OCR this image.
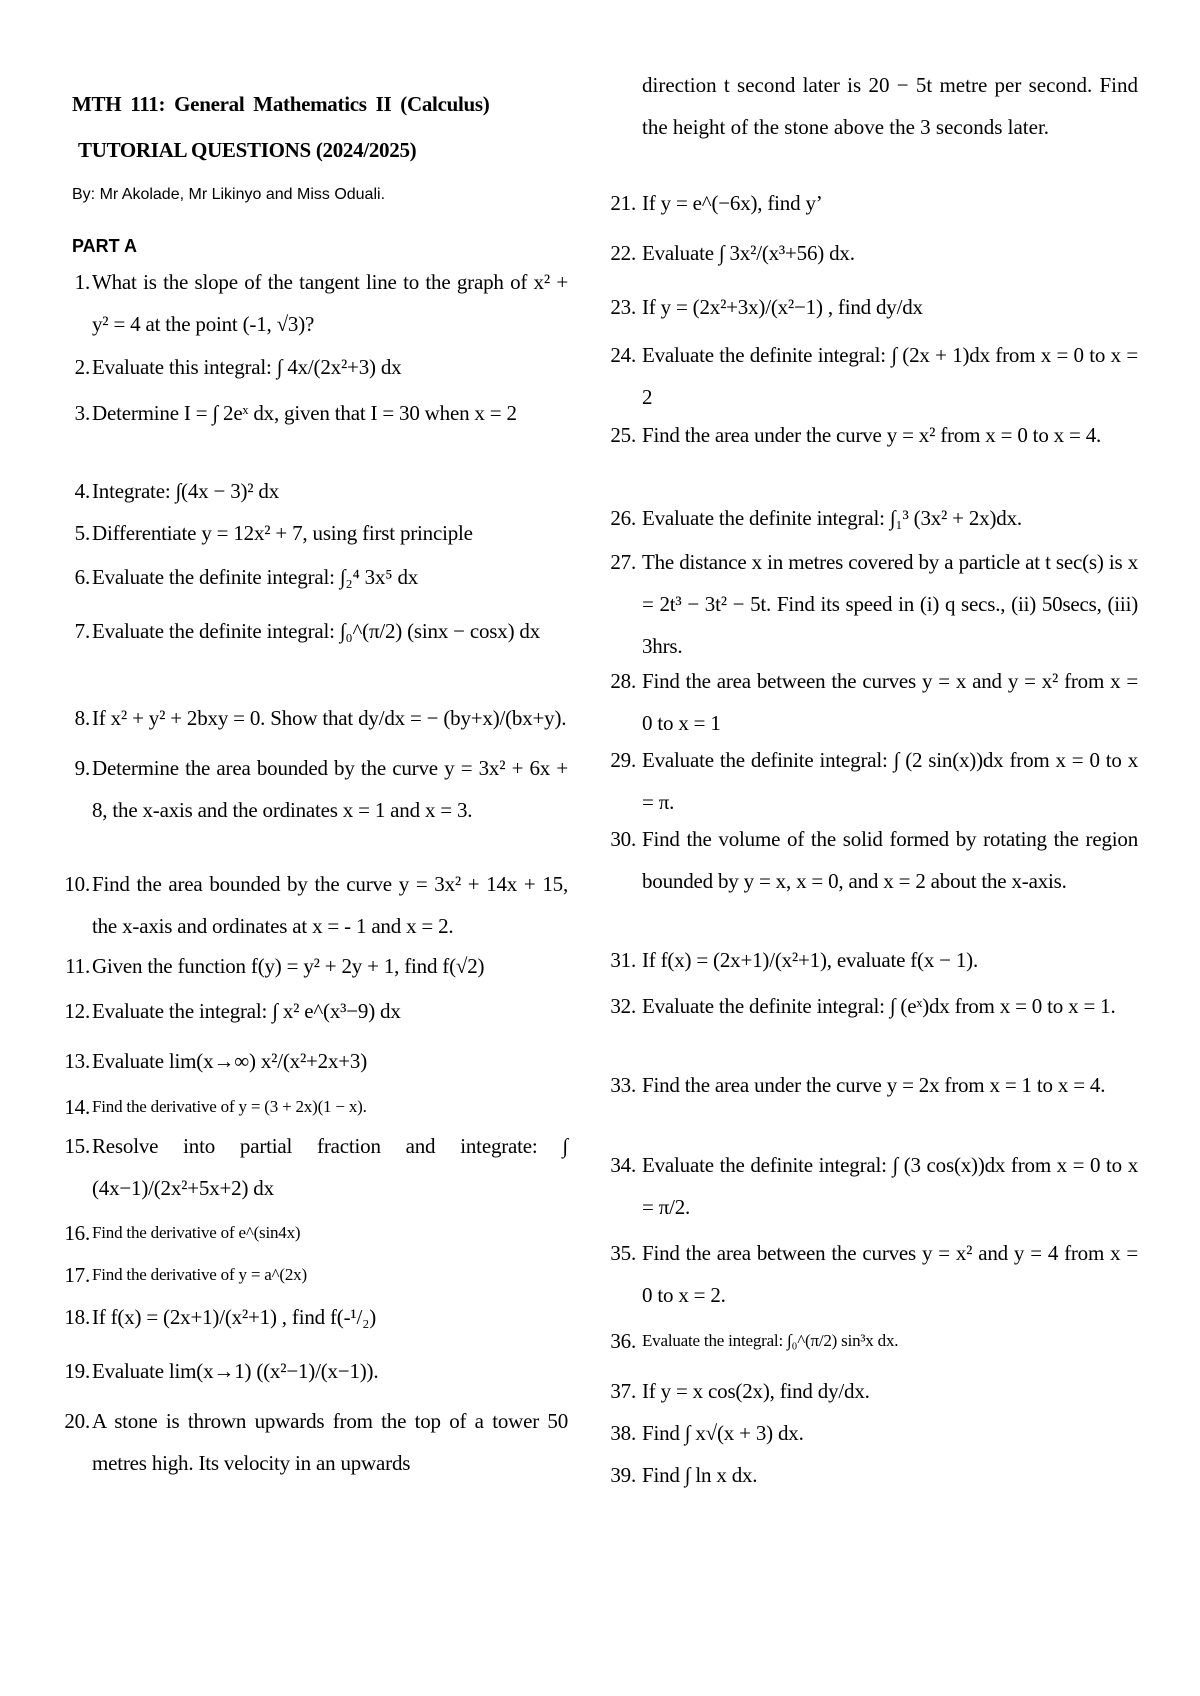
MTH 111: General Mathematics II (Calculus)
TUTORIAL QUESTIONS (2024/2025)
By: Mr Akolade, Mr Likinyo and Miss Oduali.
PART A
1. What is the slope of the tangent line to the graph of x² + y² = 4 at the point (-1, √3)?
2. Evaluate this integral: ∫ 4x/(2x²+3) dx
3. Determine I = ∫ 2eˣ dx, given that I = 30 when x = 2
4. Integrate: ∫(4x − 3)² dx
5. Differentiate y = 12x² + 7, using first principle
6. Evaluate the definite integral: ∫₂⁴ 3x⁵ dx
7. Evaluate the definite integral: ∫₀^(π/2) (sinx − cosx) dx
8. If x² + y² + 2bxy = 0. Show that dy/dx = − (by+x)/(bx+y).
9. Determine the area bounded by the curve y = 3x² + 6x + 8, the x-axis and the ordinates x = 1 and x = 3.
10. Find the area bounded by the curve y = 3x² + 14x + 15, the x-axis and ordinates at x = - 1 and x = 2.
11. Given the function f(y) = y² + 2y + 1, find f(√2)
12. Evaluate the integral: ∫ x² e^(x³−9) dx
13. Evaluate lim(x→∞) x²/(x²+2x+3)
14. Find the derivative of y = (3 + 2x)(1 − x).
15. Resolve into partial fraction and integrate: ∫ (4x−1)/(2x²+5x+2) dx
16. Find the derivative of e^(sin4x)
17. Find the derivative of y = a^(2x)
18. If f(x) = (2x+1)/(x²+1) , find f(-¹/₂)
19. Evaluate lim(x→1) ((x²−1)/(x−1)).
20. A stone is thrown upwards from the top of a tower 50 metres high. Its velocity in an upwards
direction t second later is 20 − 5t metre per second. Find the height of the stone above the 3 seconds later.
21. If y = e^(−6x), find y’
22. Evaluate ∫ 3x²/(x³+56) dx.
23. If y = (2x²+3x)/(x²−1) , find dy/dx
24. Evaluate the definite integral: ∫ (2x + 1)dx from x = 0 to x = 2
25. Find the area under the curve y = x² from x = 0 to x = 4.
26. Evaluate the definite integral: ∫₁³ (3x² + 2x)dx.
27. The distance x in metres covered by a particle at t sec(s) is x = 2t³ − 3t² − 5t. Find its speed in (i) q secs., (ii) 50secs, (iii) 3hrs.
28. Find the area between the curves y = x and y = x² from x = 0 to x = 1
29. Evaluate the definite integral: ∫ (2 sin(x))dx from x = 0 to x = π.
30. Find the volume of the solid formed by rotating the region bounded by y = x, x = 0, and x = 2 about the x-axis.
31. If f(x) = (2x+1)/(x²+1), evaluate f(x − 1).
32. Evaluate the definite integral: ∫ (eˣ)dx from x = 0 to x = 1.
33. Find the area under the curve y = 2x from x = 1 to x = 4.
34. Evaluate the definite integral: ∫ (3 cos(x))dx from x = 0 to x = π/2.
35. Find the area between the curves y = x² and y = 4 from x = 0 to x = 2.
36. Evaluate the integral: ∫₀^(π/2) sin³x dx.
37. If y = x cos(2x), find dy/dx.
38. Find ∫ x√(x + 3) dx.
39. Find ∫ ln x dx.
